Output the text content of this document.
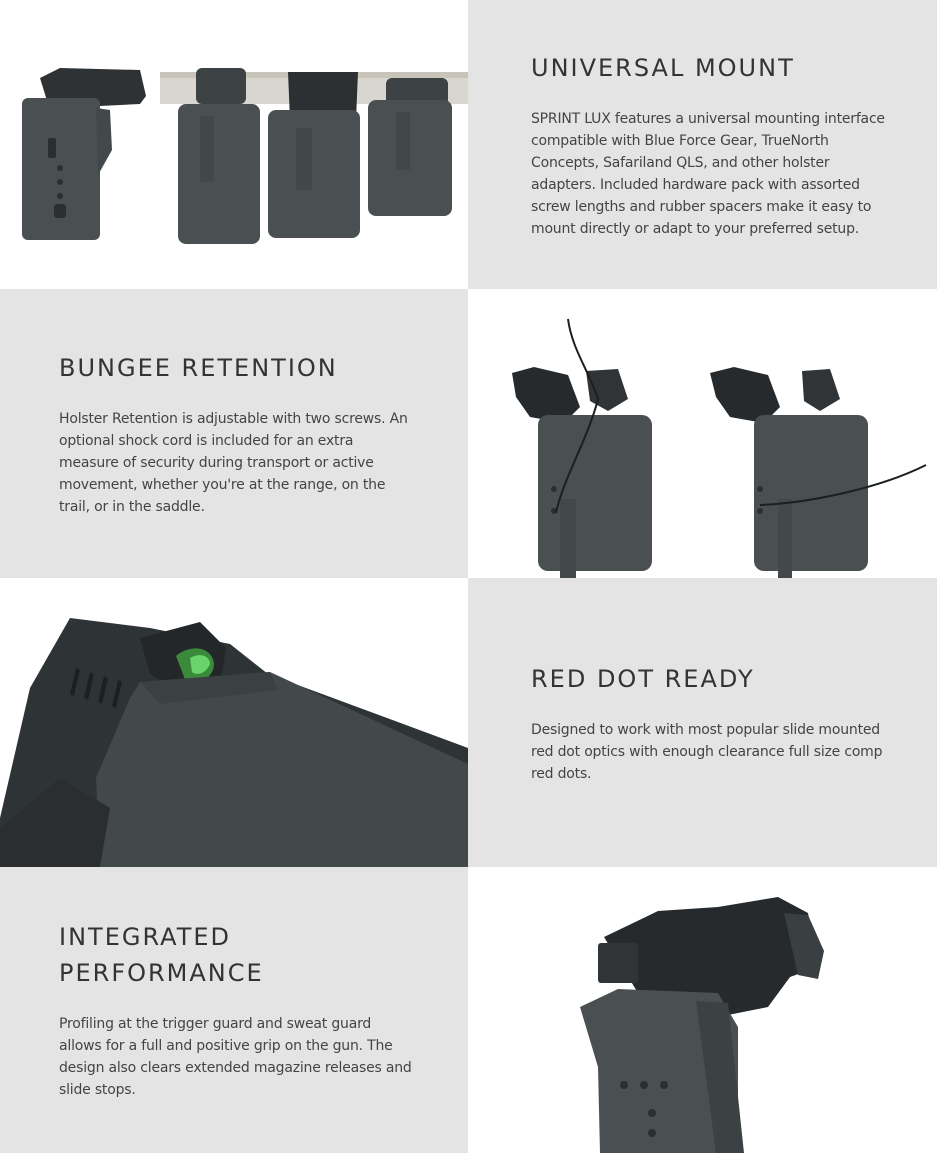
UNIVERSAL MOUNT

SPRINT LUX features a universal mounting interface compatible with Blue Force Gear, TrueNorth Concepts, Safariland QLS, and other holster adapters. Included hardware pack with assorted screw lengths and rubber spacers make it easy to mount directly or adapt to your preferred setup.

BUNGEE RETENTION

Holster Retention is adjustable with two screws. An optional shock cord is included for an extra measure of security during transport or active movement, whether you're at the range, on the trail, or in the saddle.

RED DOT READY

Designed to work with most popular slide mounted red dot optics with enough clearance full size comp red dots.

INTEGRATED PERFORMANCE

Profiling at the trigger guard and sweat guard allows for a full and positive grip on the gun. The design also clears extended magazine releases and slide stops.
